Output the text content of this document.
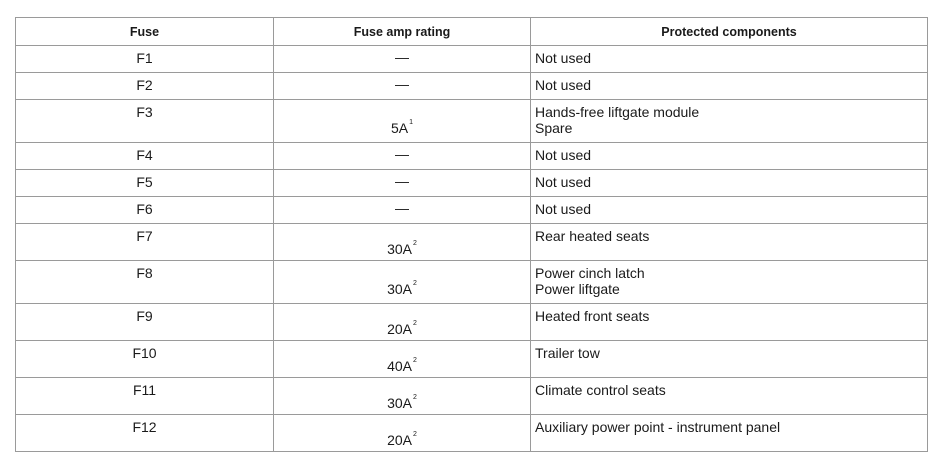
Fuse	Fuse amp rating	Protected components

F1	—	Not used

F2	—	Not used

F3	$5A^1$	Hands-free liftgate module
Spare

F4	—	Not used

F5	—	Not used

F6	—	Not used

F7	$30A^2$	Rear heated seats

F8	$30A^2$	Power cinch latch
Power liftgate

F9	$20A^2$	Heated front seats

F10	$40A^2$	Trailer tow

F11	$30A^2$	Climate control seats

F12	$20A^2$	Auxiliary power point - instrument panel
